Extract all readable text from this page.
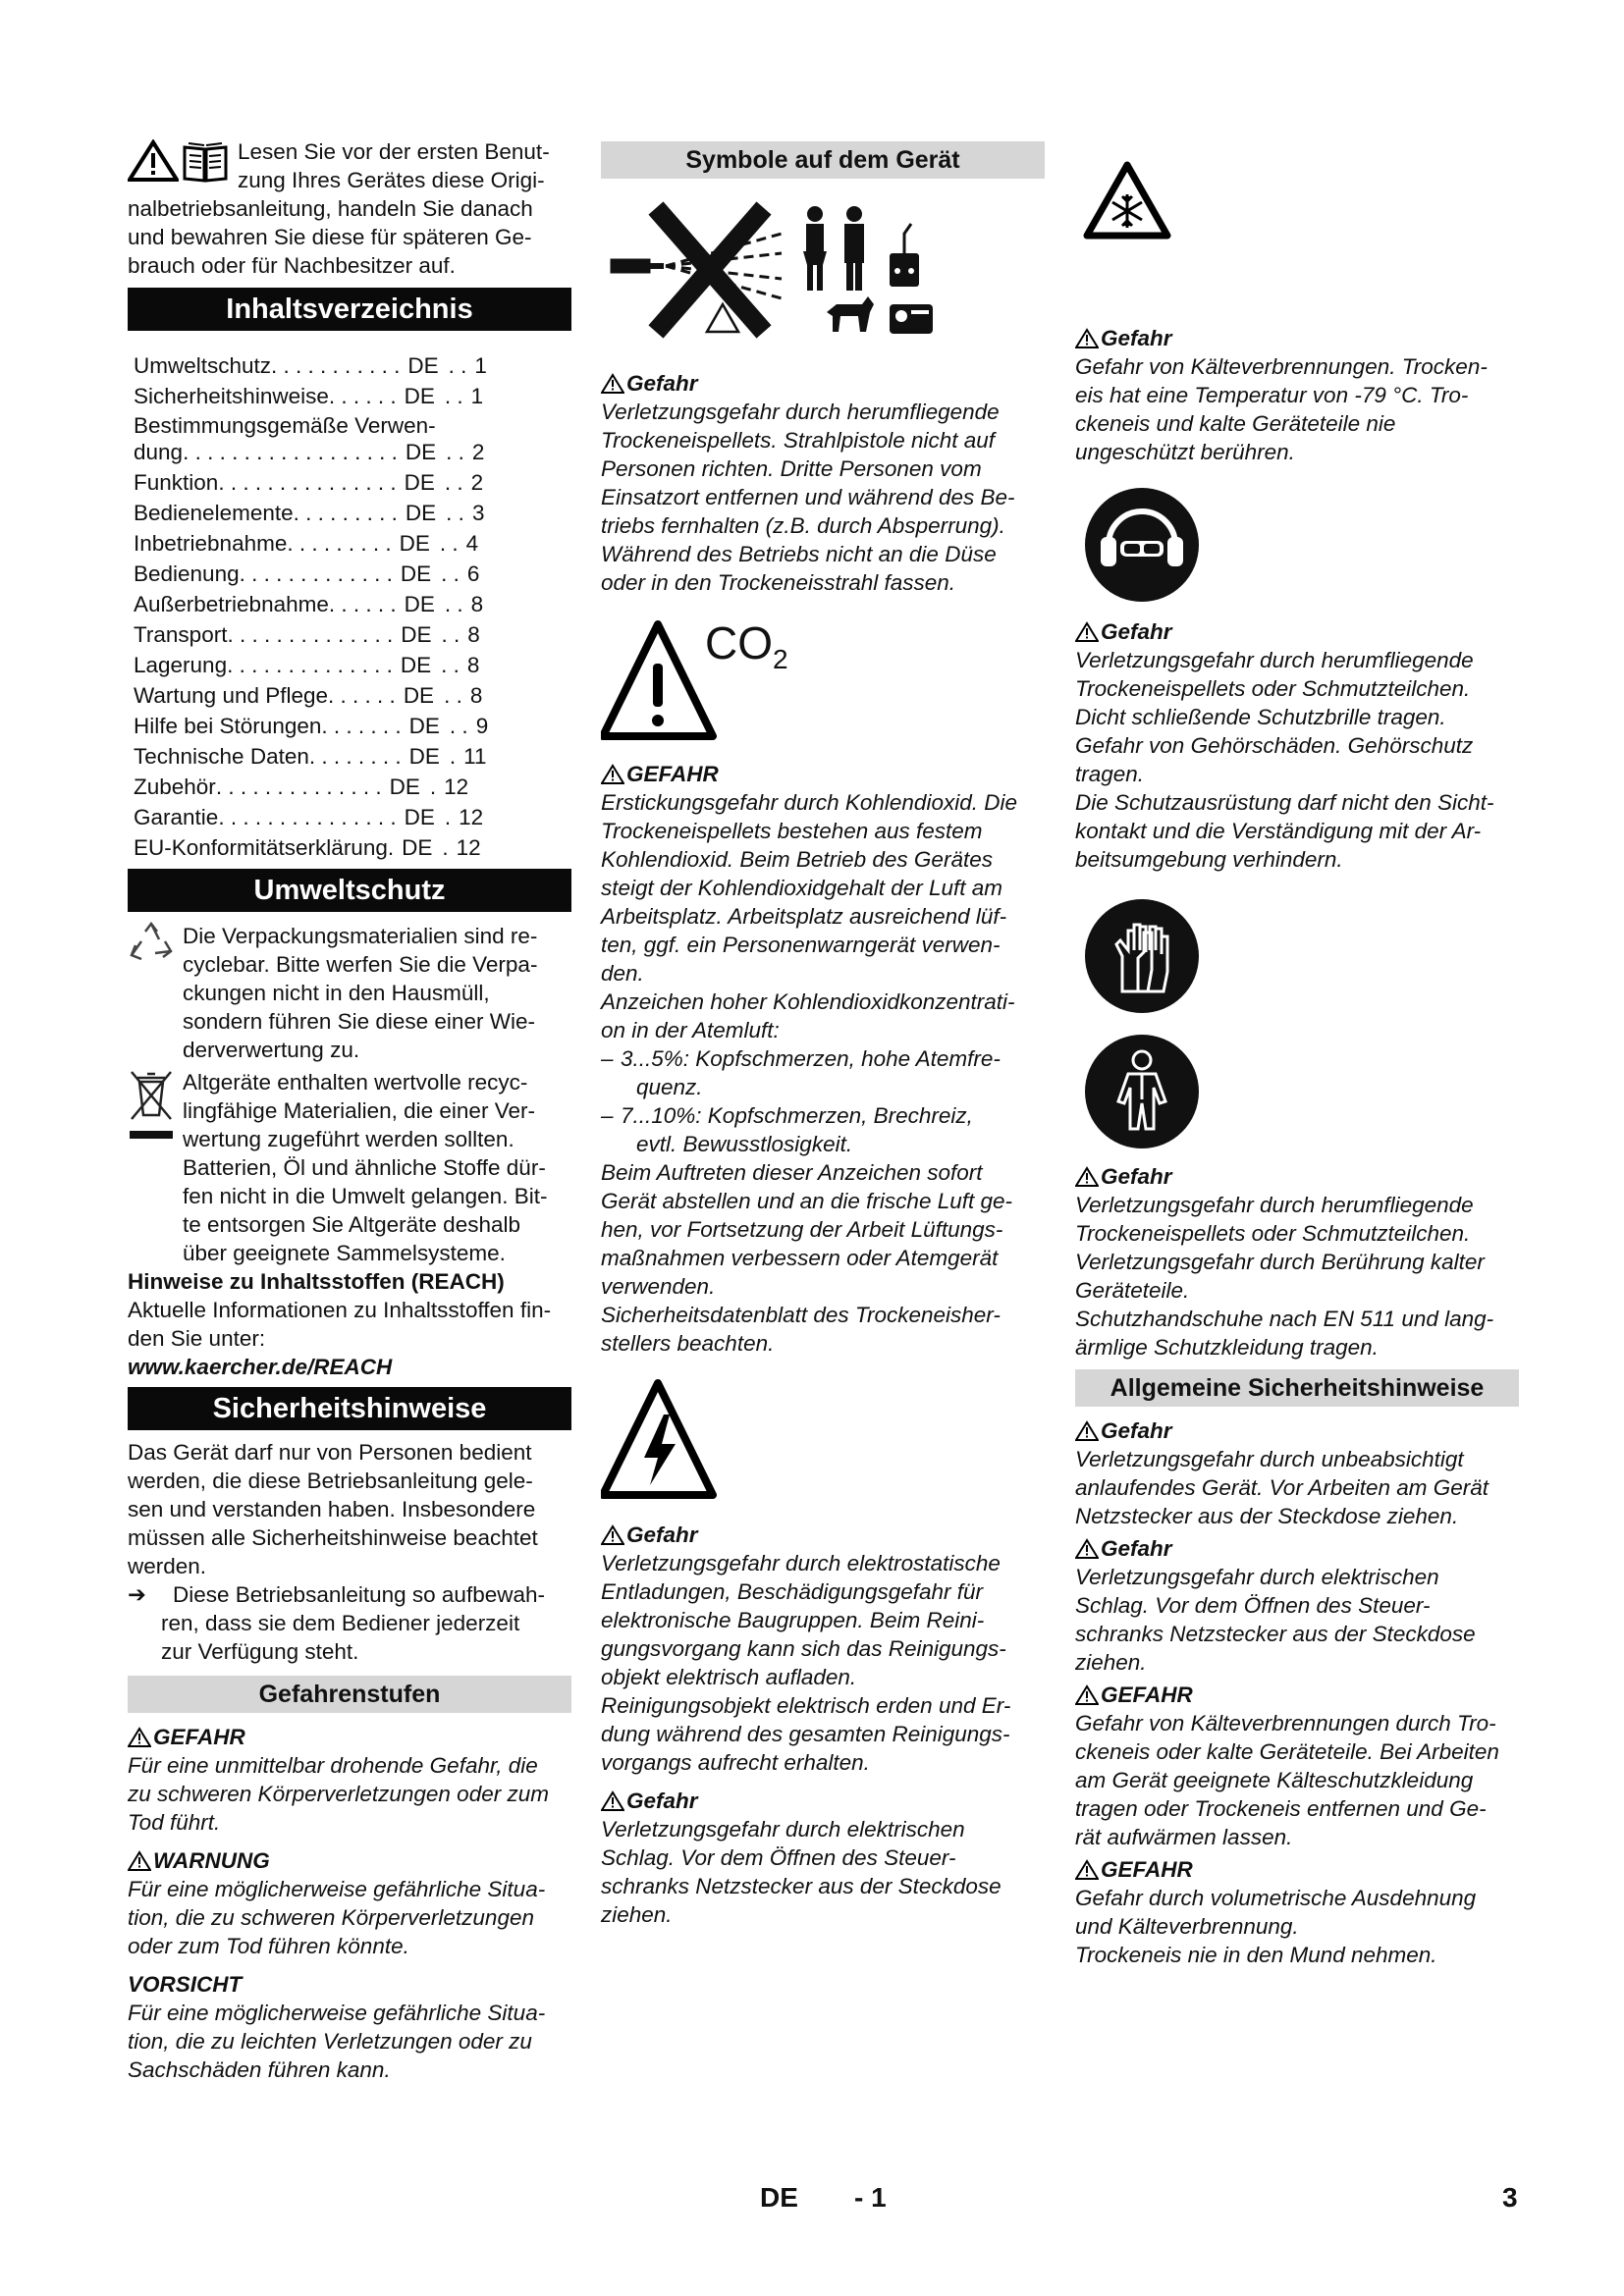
Lesen Sie vor der ersten Benut-
zung Ihres Gerätes diese Origi-
nalbetriebsanleitung, handeln Sie danach
und bewahren Sie diese für späteren Ge-
brauch oder für Nachbesitzer auf.
Inhaltsverzeichnis
Umweltschutz . . . . . . . . . . . DE . . 1
Sicherheitshinweise . . . . . . DE . . 1
Bestimmungsgemäße Verwen-
dung . . . . . . . . . . . . . . . . . . DE . . 2
Funktion . . . . . . . . . . . . . . . DE . . 2
Bedienelemente . . . . . . . . . DE . . 3
Inbetriebnahme . . . . . . . . . DE . . 4
Bedienung . . . . . . . . . . . . . DE . . 6
Außerbetriebnahme . . . . . . DE . . 8
Transport . . . . . . . . . . . . . . DE . . 8
Lagerung . . . . . . . . . . . . . . DE . . 8
Wartung und Pflege . . . . . . DE . . 8
Hilfe bei Störungen . . . . . . . DE . . 9
Technische Daten . . . . . . . . DE . 11
Zubehör . . . . . . . . . . . . . . DE . 12
Garantie . . . . . . . . . . . . . . . DE . 12
EU-Konformitätserklärung . DE . 12
Umweltschutz
Die Verpackungsmaterialien sind re-
cyclebar. Bitte werfen Sie die Verpa-
ckungen nicht in den Hausmüll,
sondern führen Sie diese einer Wie-
derverwertung zu.
Altgeräte enthalten wertvolle recyc-
lingfähige Materialien, die einer Ver-
wertung zugeführt werden sollten.
Batterien, Öl und ähnliche Stoffe dür-
fen nicht in die Umwelt gelangen. Bit-
te entsorgen Sie Altgeräte deshalb
über geeignete Sammelsysteme.
Hinweise zu Inhaltsstoffen (REACH)
Aktuelle Informationen zu Inhaltsstoffen fin-
den Sie unter:
www.kaercher.de/REACH
Sicherheitshinweise
Das Gerät darf nur von Personen bedient
werden, die diese Betriebsanleitung gele-
sen und verstanden haben. Insbesondere
müssen alle Sicherheitshinweise beachtet
werden.
➔	Diese Betriebsanleitung so aufbewah-
ren, dass sie dem Bediener jederzeit
zur Verfügung steht.
Gefahrenstufen
GEFAHR
Für eine unmittelbar drohende Gefahr, die
zu schweren Körperverletzungen oder zum
Tod führt.
WARNUNG
Für eine möglicherweise gefährliche Situa-
tion, die zu schweren Körperverletzungen
oder zum Tod führen könnte.
VORSICHT
Für eine möglicherweise gefährliche Situa-
tion, die zu leichten Verletzungen oder zu
Sachschäden führen kann.
Symbole auf dem Gerät
Gefahr
Verletzungsgefahr durch herumfliegende
Trockeneispellets. Strahlpistole nicht auf
Personen richten. Dritte Personen vom
Einsatzort entfernen und während des Be-
triebs fernhalten (z.B. durch Absperrung).
Während des Betriebs nicht an die Düse
oder in den Trockeneisstrahl fassen.
$CO_2$
GEFAHR
Erstickungsgefahr durch Kohlendioxid. Die
Trockeneispellets bestehen aus festem
Kohlendioxid. Beim Betrieb des Gerätes
steigt der Kohlendioxidgehalt der Luft am
Arbeitsplatz. Arbeitsplatz ausreichend lüf-
ten, ggf. ein Personenwarngerät verwen-
den.
Anzeichen hoher Kohlendioxidkonzentrati-
on in der Atemluft:
– 3...5%: Kopfschmerzen, hohe Atemfre-
quenz.
– 7...10%: Kopfschmerzen, Brechreiz,
evtl. Bewusstlosigkeit.
Beim Auftreten dieser Anzeichen sofort
Gerät abstellen und an die frische Luft ge-
hen, vor Fortsetzung der Arbeit Lüftungs-
maßnahmen verbessern oder Atemgerät
verwenden.
Sicherheitsdatenblatt des Trockeneisher-
stellers beachten.
Gefahr
Verletzungsgefahr durch elektrostatische
Entladungen, Beschädigungsgefahr für
elektronische Baugruppen. Beim Reini-
gungsvorgang kann sich das Reinigungs-
objekt elektrisch aufladen.
Reinigungsobjekt elektrisch erden und Er-
dung während des gesamten Reinigungs-
vorgangs aufrecht erhalten.
Gefahr
Verletzungsgefahr durch elektrischen
Schlag. Vor dem Öffnen des Steuer-
schranks Netzstecker aus der Steckdose
ziehen.
Gefahr
Gefahr von Kälteverbrennungen. Trocken-
eis hat eine Temperatur von -79 °C. Tro-
ckeneis und kalte Geräteteile nie
ungeschützt berühren.
Gefahr
Verletzungsgefahr durch herumfliegende
Trockeneispellets oder Schmutzteilchen.
Dicht schließende Schutzbrille tragen.
Gefahr von Gehörschäden. Gehörschutz
tragen.
Die Schutzausrüstung darf nicht den Sicht-
kontakt und die Verständigung mit der Ar-
beitsumgebung verhindern.
Gefahr
Verletzungsgefahr durch herumfliegende
Trockeneispellets oder Schmutzteilchen.
Verletzungsgefahr durch Berührung kalter
Geräteteile.
Schutzhandschuhe nach EN 511 und lang-
ärmlige Schutzkleidung tragen.
Allgemeine Sicherheitshinweise
Gefahr
Verletzungsgefahr durch unbeabsichtigt
anlaufendes Gerät. Vor Arbeiten am Gerät
Netzstecker aus der Steckdose ziehen.
Gefahr
Verletzungsgefahr durch elektrischen
Schlag. Vor dem Öffnen des Steuer-
schranks Netzstecker aus der Steckdose
ziehen.
GEFAHR
Gefahr von Kälteverbrennungen durch Tro-
ckeneis oder kalte Geräteteile. Bei Arbeiten
am Gerät geeignete Kälteschutzkleidung
tragen oder Trockeneis entfernen und Ge-
rät aufwärmen lassen.
GEFAHR
Gefahr durch volumetrische Ausdehnung
und Kälteverbrennung.
Trockeneis nie in den Mund nehmen.
DE - 1	3
